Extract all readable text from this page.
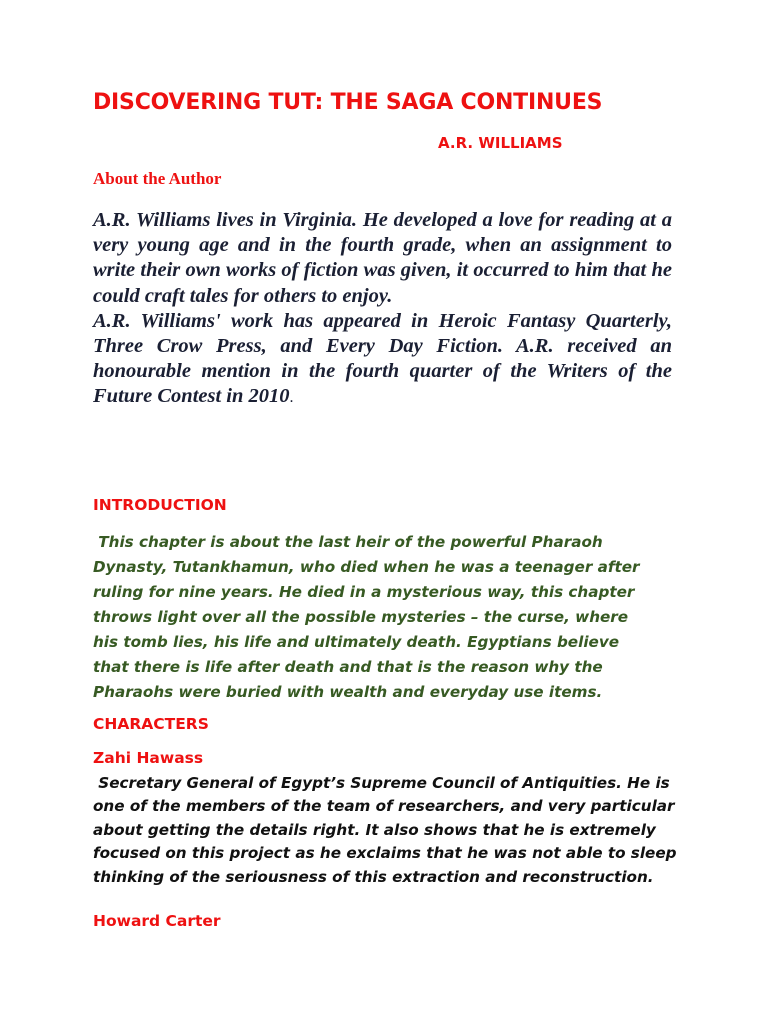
DISCOVERING TUT: THE SAGA CONTINUES
A.R. WILLIAMS
About the Author

A.R. Williams lives in Virginia. He developed a love for reading at a very young age and in the fourth grade, when an assignment to write their own works of fiction was given, it occurred to him that he could craft tales for others to enjoy.

A.R. Williams' work has appeared in Heroic Fantasy Quarterly, Three Crow Press, and Every Day Fiction. A.R. received an honourable mention in the fourth quarter of the Writers of the Future Contest in 2010.

INTRODUCTION

This chapter is about the last heir of the powerful Pharaoh Dynasty, Tutankhamun, who died when he was a teenager after ruling for nine years. He died in a mysterious way, this chapter throws light over all the possible mysteries – the curse, where his tomb lies, his life and ultimately death. Egyptians believe that there is life after death and that is the reason why the Pharaohs were buried with wealth and everyday use items.

CHARACTERS
Zahi Hawass

Secretary General of Egypt’s Supreme Council of Antiquities. He is one of the members of the team of researchers, and very particular about getting the details right. It also shows that he is extremely focused on this project as he exclaims that he was not able to sleep thinking of the seriousness of this extraction and reconstruction.

Howard Carter
